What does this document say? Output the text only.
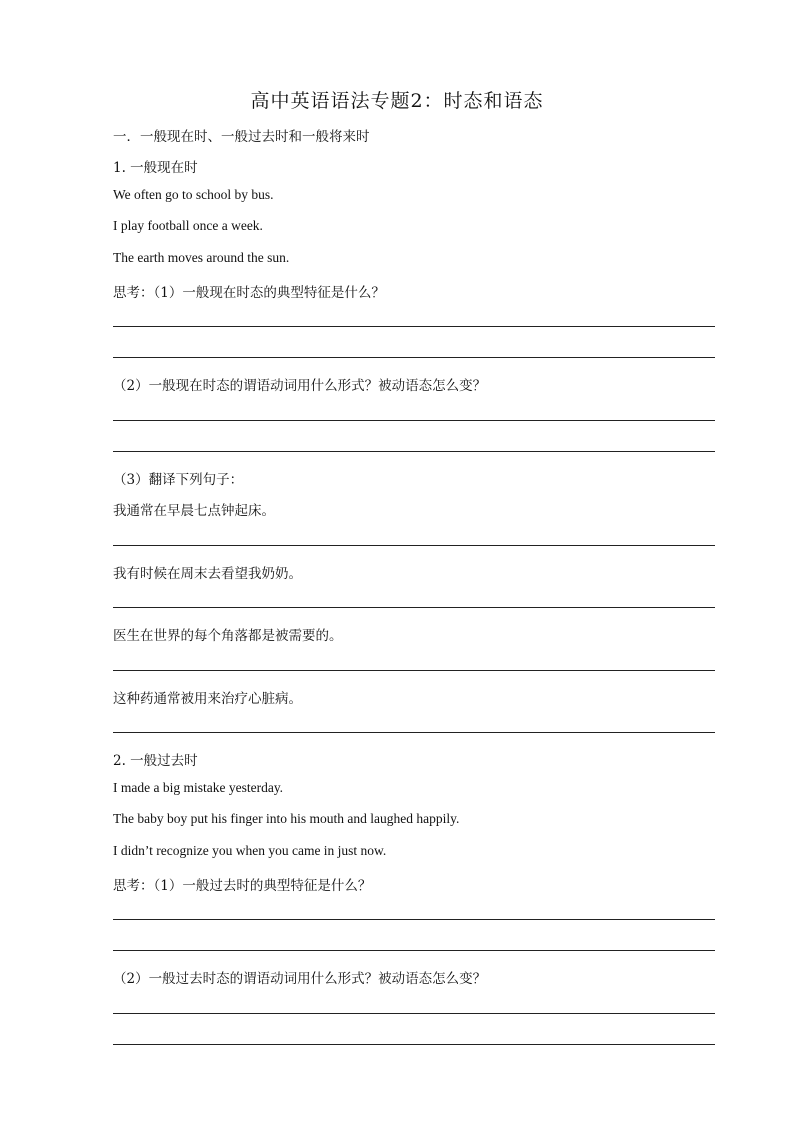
高中英语语法专题2：时态和语态
一．一般现在时、一般过去时和一般将来时
1. 一般现在时
We often go to school by bus.
I play football once a week.
The earth moves around the sun.
思考：（1）一般现在时态的典型特征是什么？
（2）一般现在时态的谓语动词用什么形式？被动语态怎么变？
（3）翻译下列句子：
我通常在早晨七点钟起床。
我有时候在周末去看望我奶奶。
医生在世界的每个角落都是被需要的。
这种药通常被用来治疗心脏病。
2. 一般过去时
I made a big mistake yesterday.
The baby boy put his finger into his mouth and laughed happily.
I didn’t recognize you when you came in just now.
思考：（1）一般过去时的典型特征是什么？
（2）一般过去时态的谓语动词用什么形式？被动语态怎么变？
